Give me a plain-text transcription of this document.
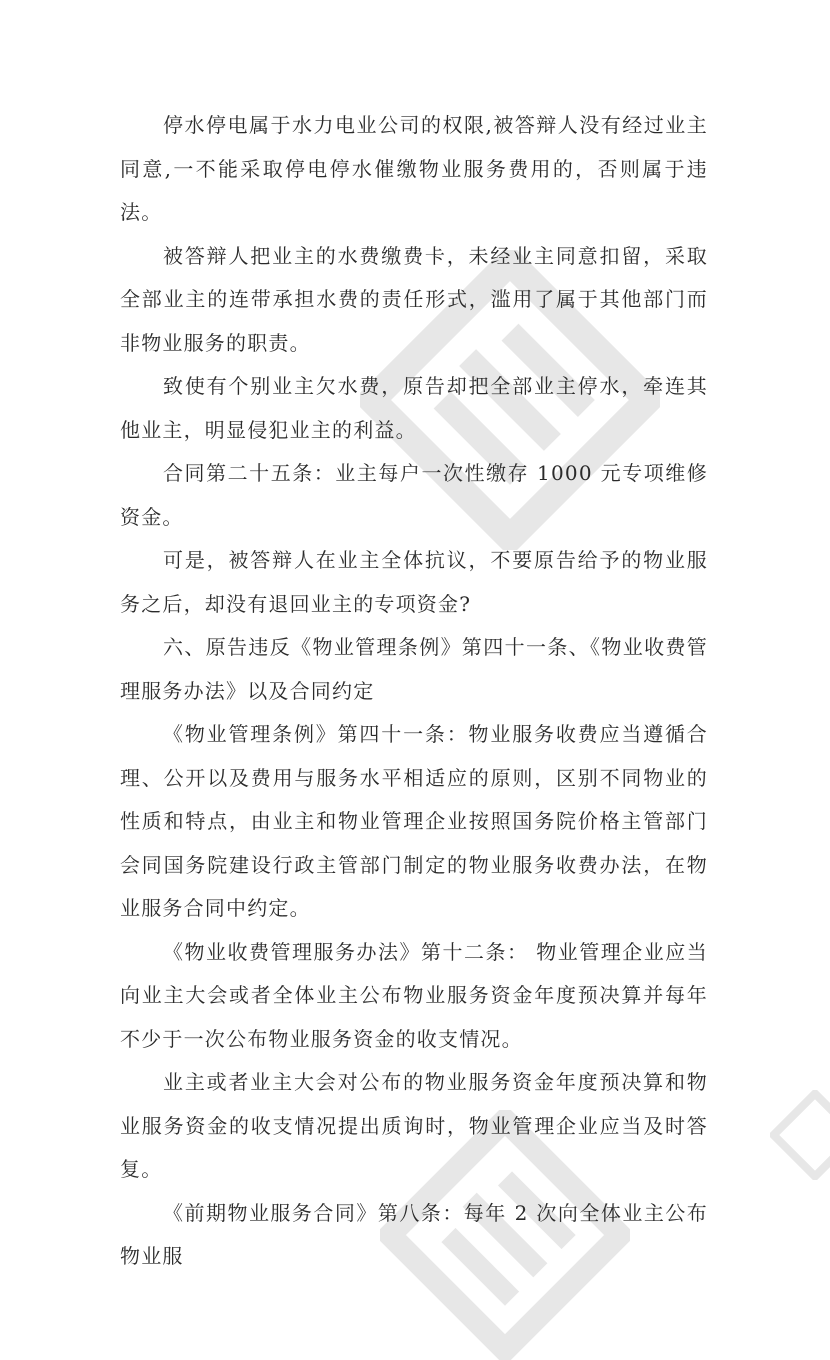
停水停电属于水力电业公司的权限,被答辩人没有经过业主同意,一不能采取停电停水催缴物业服务费用的，否则属于违法。

被答辩人把业主的水费缴费卡，未经业主同意扣留，采取全部业主的连带承担水费的责任形式，滥用了属于其他部门而非物业服务的职责。

致使有个别业主欠水费，原告却把全部业主停水，牵连其他业主，明显侵犯业主的利益。

合同第二十五条：业主每户一次性缴存 1000 元专项维修资金。

可是，被答辩人在业主全体抗议，不要原告给予的物业服务之后，却没有退回业主的专项资金?

六、原告违反《物业管理条例》第四十一条、《物业收费管理服务办法》以及合同约定

《物业管理条例》第四十一条：物业服务收费应当遵循合理、公开以及费用与服务水平相适应的原则，区别不同物业的性质和特点，由业主和物业管理企业按照国务院价格主管部门会同国务院建设行政主管部门制定的物业服务收费办法，在物业服务合同中约定。

《物业收费管理服务办法》第十二条： 物业管理企业应当向业主大会或者全体业主公布物业服务资金年度预决算并每年不少于一次公布物业服务资金的收支情况。

业主或者业主大会对公布的物业服务资金年度预决算和物业服务资金的收支情况提出质询时，物业管理企业应当及时答复。

《前期物业服务合同》第八条：每年 2 次向全体业主公布物业服
